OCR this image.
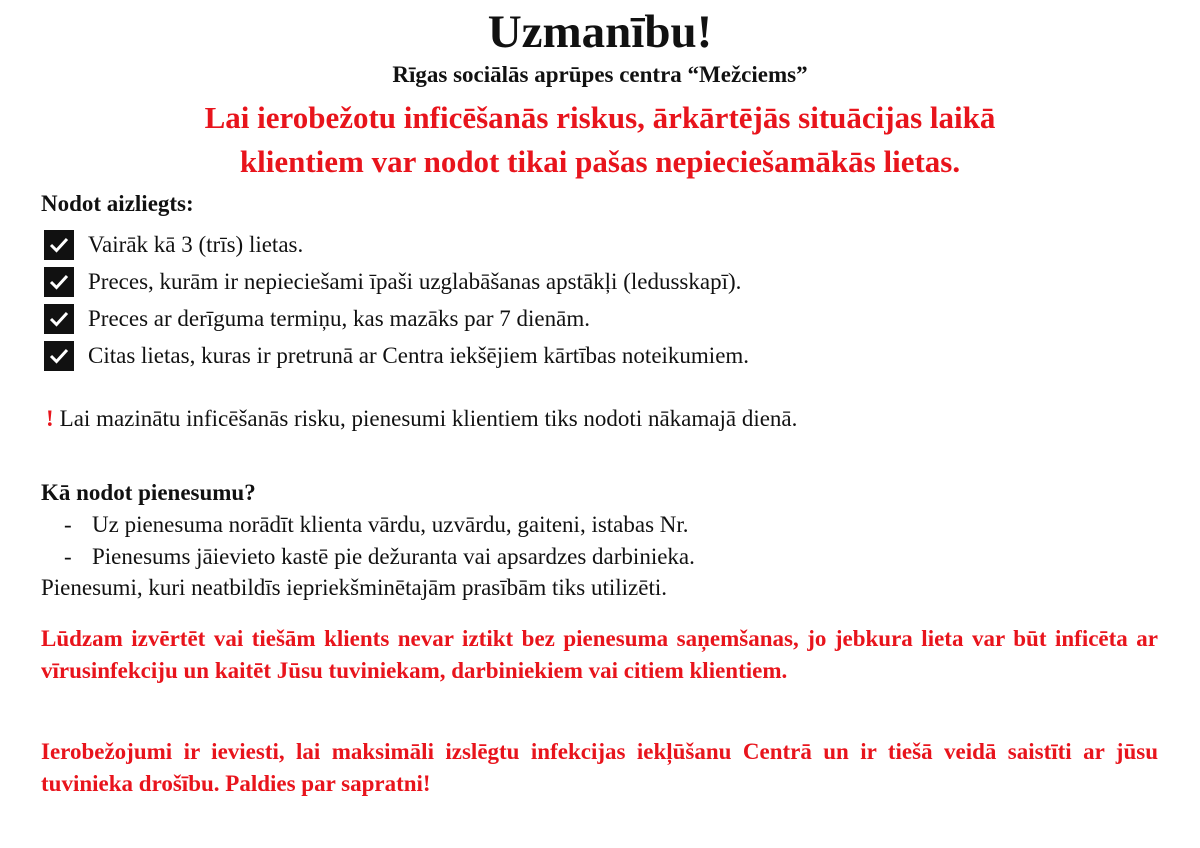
Uzmanību!
Rīgas sociālās aprūpes centra “Mežciems”
Lai ierobežotu inficēšanās riskus, ārkārtējās situācijas laikā
klientiem var nodot tikai pašas nepieciešamākās lietas.
Nodot aizliegts:
Vairāk kā 3 (trīs) lietas.
Preces, kurām ir nepieciešami īpaši uzglabāšanas apstākļi (ledusskapī).
Preces ar derīguma termiņu, kas mazāks par 7 dienām.
Citas lietas, kuras ir pretrunā ar Centra iekšējiem kārtības noteikumiem.
! Lai mazinātu inficēšanās risku, pienesumi klientiem tiks nodoti nākamajā dienā.
Kā nodot pienesumu?
- Uz pienesuma norādīt klienta vārdu, uzvārdu, gaiteni, istabas Nr.
- Pienesums jāievieto kastē pie dežuranta vai apsardzes darbinieka.
Pienesumi, kuri neatbildīs iepriekšminētajām prasībām tiks utilizēti.

Lūdzam izvērtēt vai tiešām klients nevar iztikt bez pienesuma saņemšanas, jo jebkura lieta var būt inficēta ar vīrusinfekciju un kaitēt Jūsu tuviniekam, darbiniekiem vai citiem klientiem.

Ierobežojumi ir ieviesti, lai maksimāli izslēgtu infekcijas iekļūšanu Centrā un ir tiešā veidā saistīti ar jūsu tuvinieka drošību. Paldies par sapratni!
